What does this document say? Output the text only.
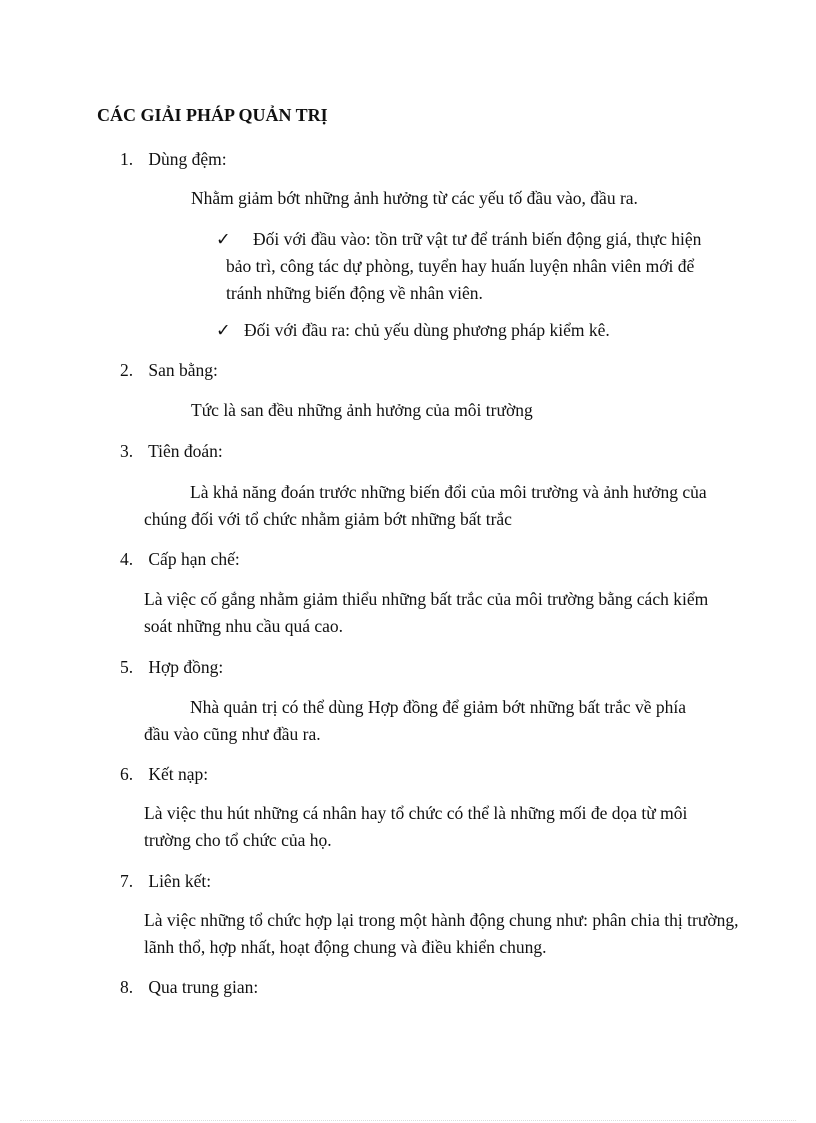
CÁC GIẢI PHÁP QUẢN TRỊ
1. Dùng đệm:

Nhằm giảm bớt những ảnh hưởng từ các yếu tố đầu vào, đầu ra.

✓	Đối với đầu vào: tồn trữ vật tư để tránh biến động giá, thực hiện bảo trì, công tác dự phòng, tuyển hay huấn luyện nhân viên mới để tránh những biến động về nhân viên.
✓ Đối với đầu ra: chủ yếu dùng phương pháp kiểm kê.
2. San bằng:

Tức là san đều những ảnh hưởng của môi trường

3. Tiên đoán:

Là khả năng đoán trước những biến đổi của môi trường và ảnh hưởng của chúng đối với tổ chức nhằm giảm bớt những bất trắc

4. Cấp hạn chế:

Là việc cố gắng nhằm giảm thiểu những bất trắc của môi trường bằng cách kiểm soát những nhu cầu quá cao.

5. Hợp đồng:

Nhà quản trị có thể dùng Hợp đồng để giảm bớt những bất trắc về phía đầu vào cũng như đầu ra.

6. Kết nạp:

Là việc thu hút những cá nhân hay tổ chức có thể là những mối đe dọa từ môi trường cho tổ chức của họ.

7. Liên kết:

Là việc những tổ chức hợp lại trong một hành động chung như: phân chia thị trường, lãnh thổ, hợp nhất, hoạt động chung và điều khiển chung.

8. Qua trung gian:
